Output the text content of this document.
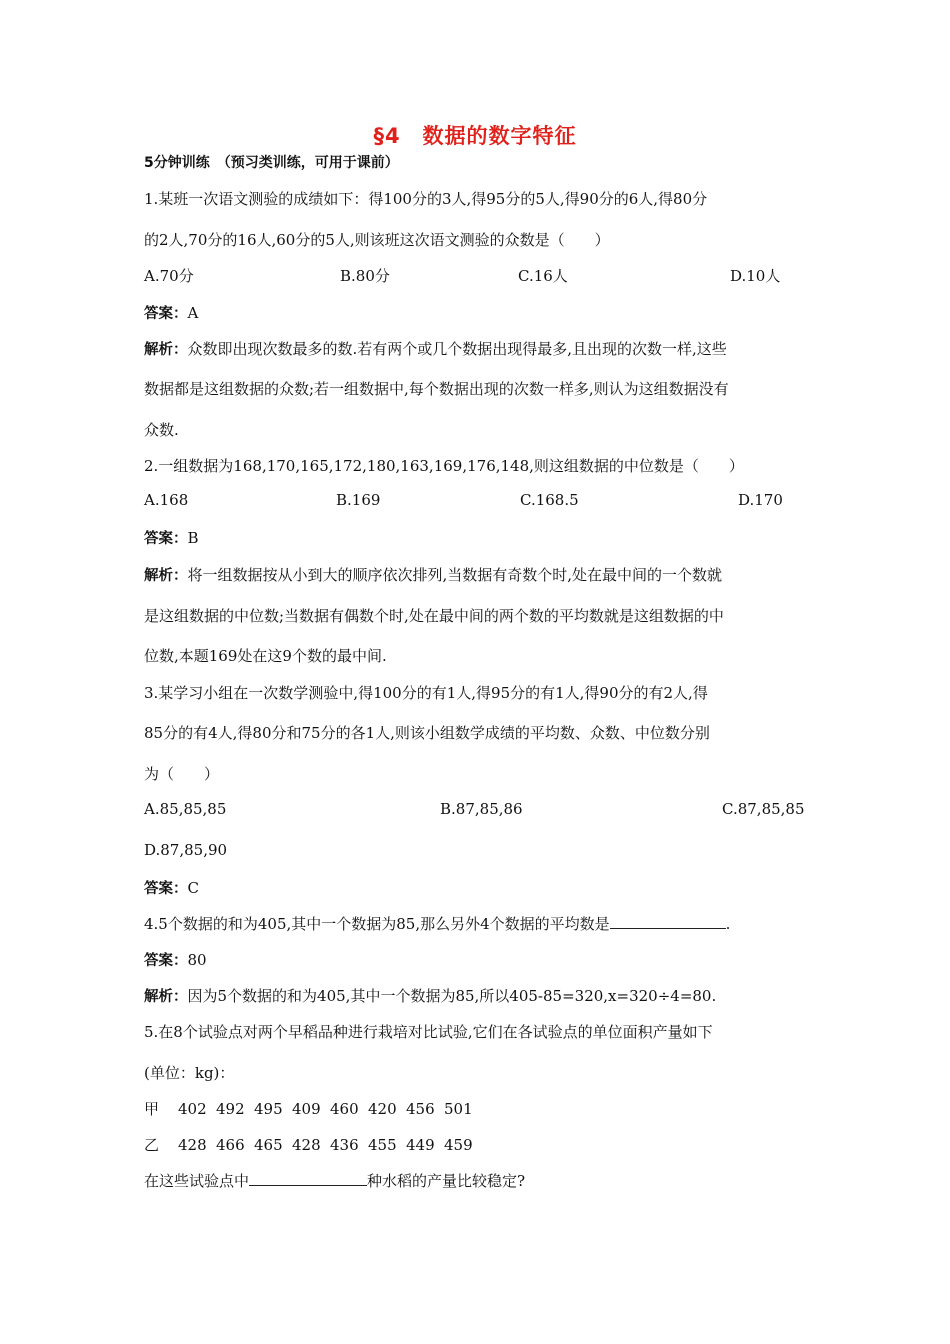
§4　数据的数字特征
5分钟训练　（预习类训练，可用于课前）
1.某班一次语文测验的成绩如下：得100分的3人,得95分的5人,得90分的6人,得80分
的2人,70分的16人,60分的5人,则该班这次语文测验的众数是（　　）
A.70分	B.80分	C.16人	D.10人
答案：A
解析：众数即出现次数最多的数.若有两个或几个数据出现得最多,且出现的次数一样,这些
数据都是这组数据的众数;若一组数据中,每个数据出现的次数一样多,则认为这组数据没有
众数.
2.一组数据为168,170,165,172,180,163,169,176,148,则这组数据的中位数是（　　）
A.168	B.169	C.168.5	D.170
答案：B
解析：将一组数据按从小到大的顺序依次排列,当数据有奇数个时,处在最中间的一个数就
是这组数据的中位数;当数据有偶数个时,处在最中间的两个数的平均数就是这组数据的中
位数,本题169处在这9个数的最中间.
3.某学习小组在一次数学测验中,得100分的有1人,得95分的有1人,得90分的有2人,得
85分的有4人,得80分和75分的各1人,则该小组数学成绩的平均数、众数、中位数分别
为（　　）
A.85,85,85	B.87,85,86	C.87,85,85
D.87,85,90
答案：C
4.5个数据的和为405,其中一个数据为85,那么另外4个数据的平均数是	.
答案：80
解析：因为5个数据的和为405,其中一个数据为85,所以405-85=320,x=320÷4=80.
5.在8个试验点对两个早稻品种进行栽培对比试验,它们在各试验点的单位面积产量如下
(单位：kg)：
甲 402 492 495 409 460 420 456 501
乙 428 466 465 428 436 455 449 459
在这些试验点中	种水稻的产量比较稳定?
